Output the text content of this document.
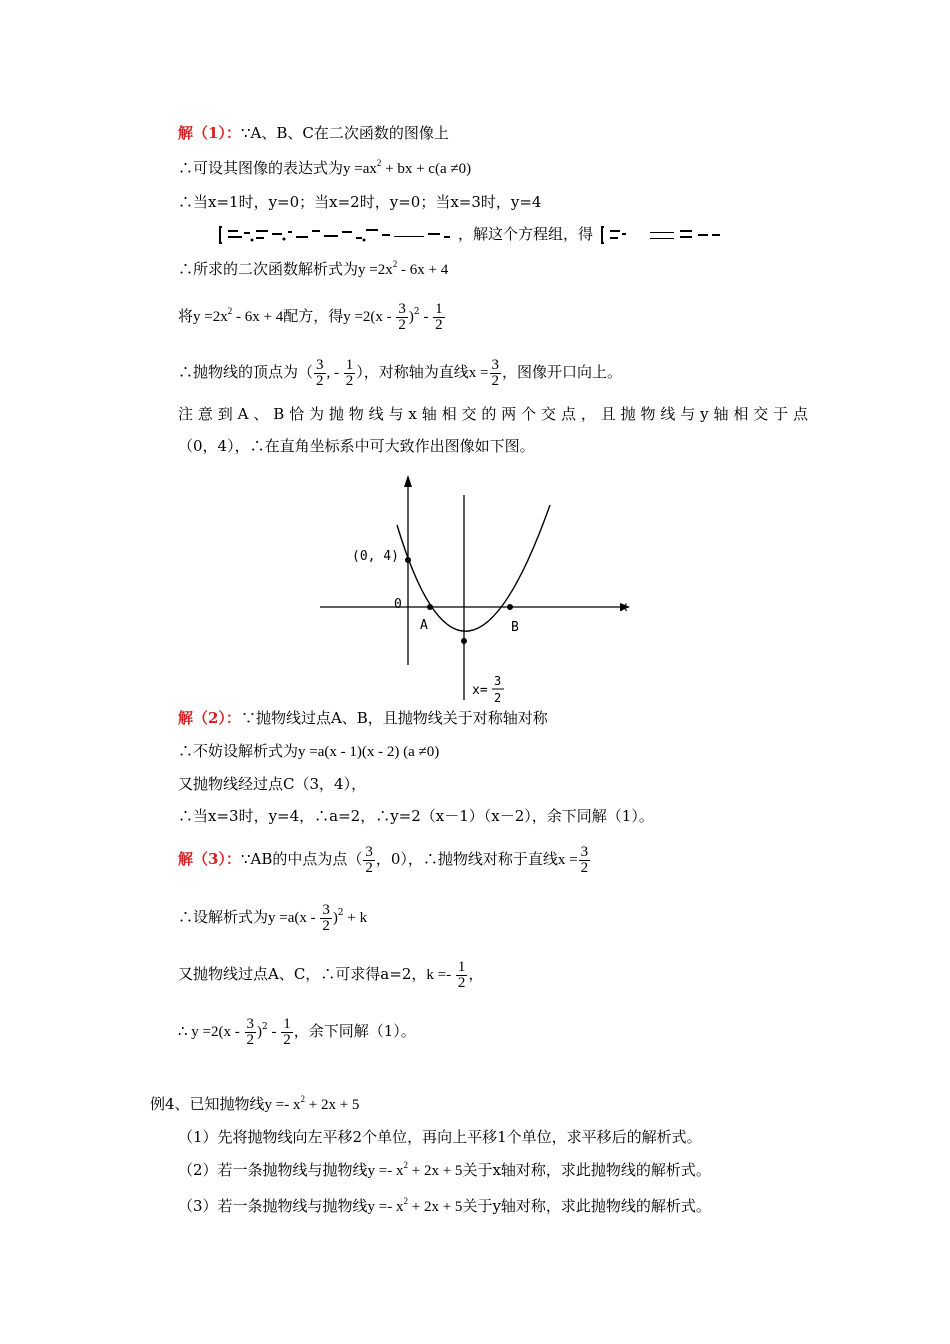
解（1）：∵A、B、C在二次函数的图像上
∴可设其图像的表达式为$y =ax^2$ + bx + c(a ≠0)
∴当x=1时，y=0；当x=2时，y=0；当x=3时，y=4
，解这个方程组，得
∴所求的二次函数解析式为$y =2x^2 - 6x + 4$
将$y =2x^2 - 6x + 4$配方，得$y =2(x - \frac{3}{2} )^2 - \frac{1}{2}$
∴抛物线的顶点为（ $\frac{3}{2}$ , - $\frac{1}{2}$ ），对称轴为直线$x = \frac{3}{2}$ ，图像开口向上。
注意到A、B恰为抛物线与x轴相交的两个交点，且抛物线与y轴相交于点
（0，4），∴在直角坐标系中可大致作出图像如下图。
(0, 4)
0
A	B
x
x=
3
2
解（2）：∵抛物线过点A、B，且抛物线关于对称轴对称
∴不妨设解析式为y =a(x - 1)(x - 2) (a ≠0)
又抛物线经过点C（3，4），
∴当x=3时，y=4，∴a=2，∴y=2（x－1）（x－2），余下同解（1）。
解（3）：∵AB的中点为点（ $\frac{3}{2}$ ，0），∴抛物线对称于直线$x = \frac{3}{2}$
∴设解析式为$y =a(x - \frac{3}{2} )^2 + k$
又抛物线过点A、C，∴可求得a=2，$k =- \frac{1}{2}$ ，
∴ $y =2(x - \frac{3}{2} )^2 - \frac{1}{2}$ ，余下同解（1）。
例4、已知抛物线$y =- x^2 + 2x + 5$
（1）先将抛物线向左平移2个单位，再向上平移1个单位，求平移后的解析式。
（2）若一条抛物线与抛物线$y =- x^2 + 2x + 5$关于x轴对称，求此抛物线的解析式。
（3）若一条抛物线与抛物线$y =- x^2 + 2x + 5$关于y轴对称，求此抛物线的解析式。
